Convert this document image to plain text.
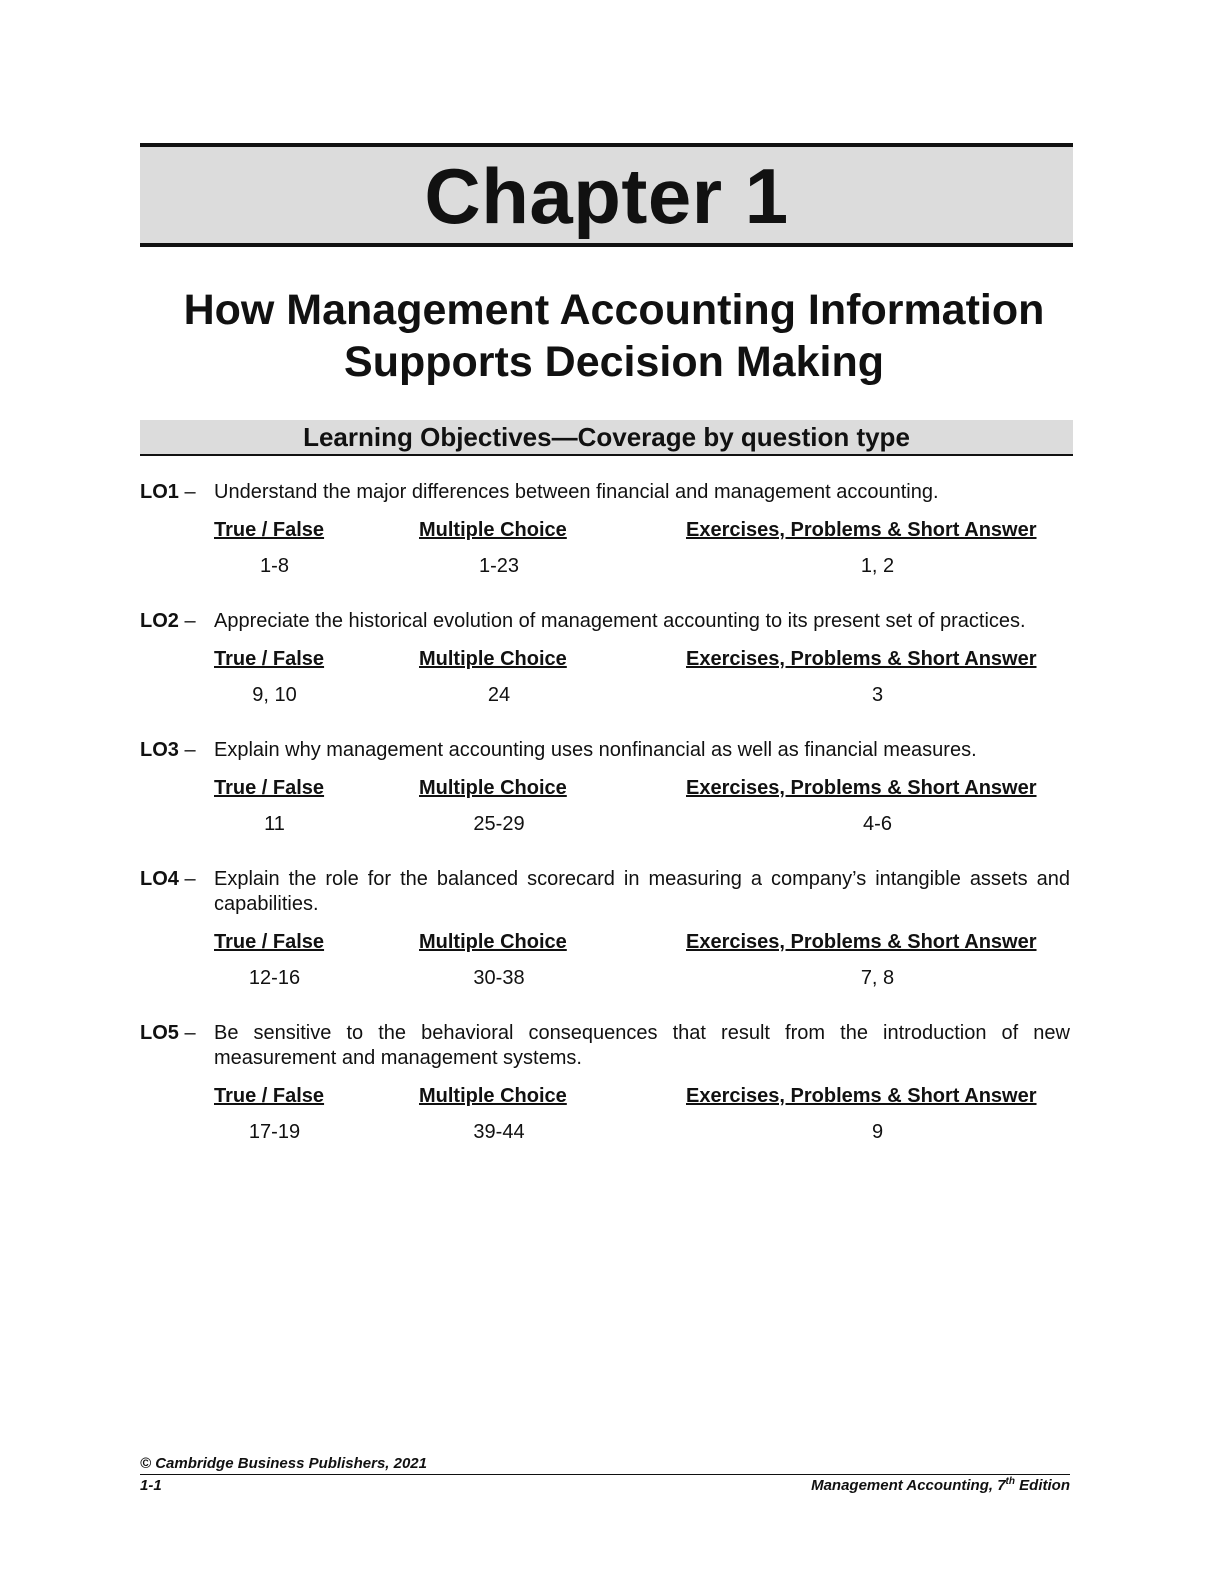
Chapter 1
How Management Accounting Information
Supports Decision Making
Learning Objectives—Coverage by question type
LO1 – Understand the major differences between financial and management accounting.
True / False	Multiple Choice	Exercises, Problems & Short Answer
1-8	1-23	1, 2
LO2 – Appreciate the historical evolution of management accounting to its present set of practices.
True / False	Multiple Choice	Exercises, Problems & Short Answer
9, 10	24	3
LO3 – Explain why management accounting uses nonfinancial as well as financial measures.
True / False	Multiple Choice	Exercises, Problems & Short Answer
11	25-29	4-6
LO4 – Explain the role for the balanced scorecard in measuring a company’s intangible assets and capabilities.
True / False	Multiple Choice	Exercises, Problems & Short Answer
12-16	30-38	7, 8
LO5 – Be sensitive to the behavioral consequences that result from the introduction of new measurement and management systems.
True / False	Multiple Choice	Exercises, Problems & Short Answer
17-19	39-44	9
© Cambridge Business Publishers, 2021
1-1	Management Accounting, 7th Edition
